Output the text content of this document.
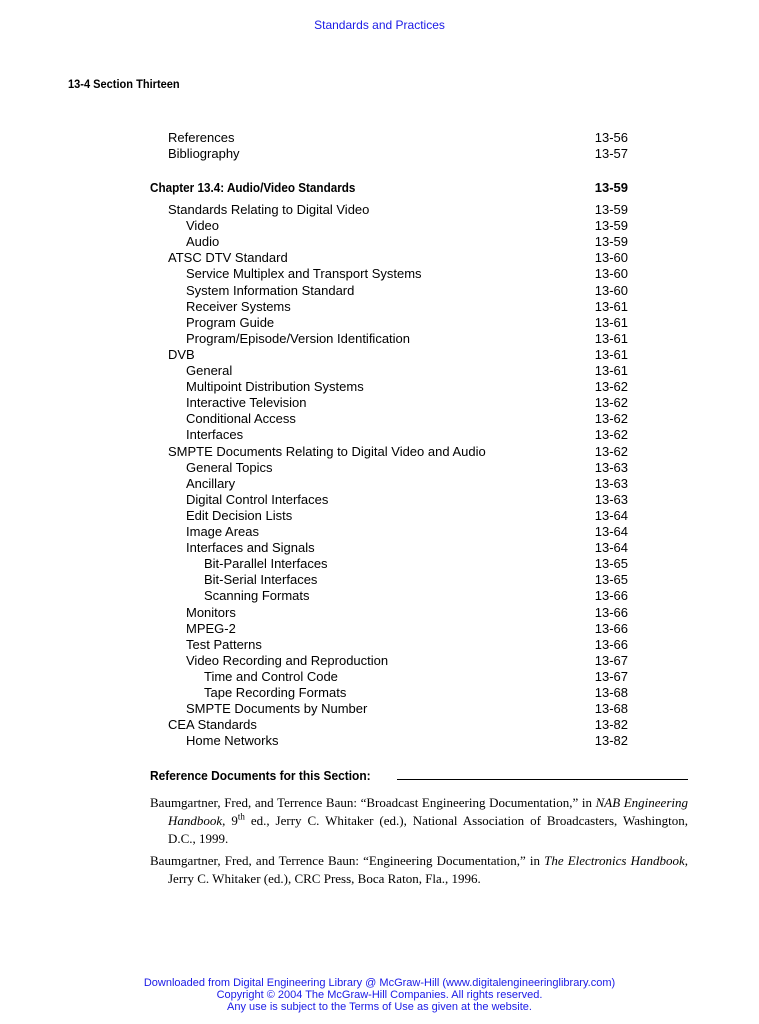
Standards and Practices
13-4 Section Thirteen
References	13-56
Bibliography	13-57
Chapter 13.4: Audio/Video Standards	13-59
Standards Relating to Digital Video	13-59
Video	13-59
Audio	13-59
ATSC DTV Standard	13-60
Service Multiplex and Transport Systems	13-60
System Information Standard	13-60
Receiver Systems	13-61
Program Guide	13-61
Program/Episode/Version Identification	13-61
DVB	13-61
General	13-61
Multipoint Distribution Systems	13-62
Interactive Television	13-62
Conditional Access	13-62
Interfaces	13-62
SMPTE Documents Relating to Digital Video and Audio	13-62
General Topics	13-63
Ancillary	13-63
Digital Control Interfaces	13-63
Edit Decision Lists	13-64
Image Areas	13-64
Interfaces and Signals	13-64
Bit-Parallel Interfaces	13-65
Bit-Serial Interfaces	13-65
Scanning Formats	13-66
Monitors	13-66
MPEG-2	13-66
Test Patterns	13-66
Video Recording and Reproduction	13-67
Time and Control Code	13-67
Tape Recording Formats	13-68
SMPTE Documents by Number	13-68
CEA Standards	13-82
Home Networks	13-82
Reference Documents for this Section:
Baumgartner, Fred, and Terrence Baun: “Broadcast Engineering Documentation,” in NAB Engineering Handbook, 9th ed., Jerry C. Whitaker (ed.), National Association of Broadcasters, Washington, D.C., 1999.
Baumgartner, Fred, and Terrence Baun: “Engineering Documentation,” in The Electronics Handbook, Jerry C. Whitaker (ed.), CRC Press, Boca Raton, Fla., 1996.
Downloaded from Digital Engineering Library @ McGraw-Hill (www.digitalengineeringlibrary.com)
Copyright © 2004 The McGraw-Hill Companies. All rights reserved.
Any use is subject to the Terms of Use as given at the website.
